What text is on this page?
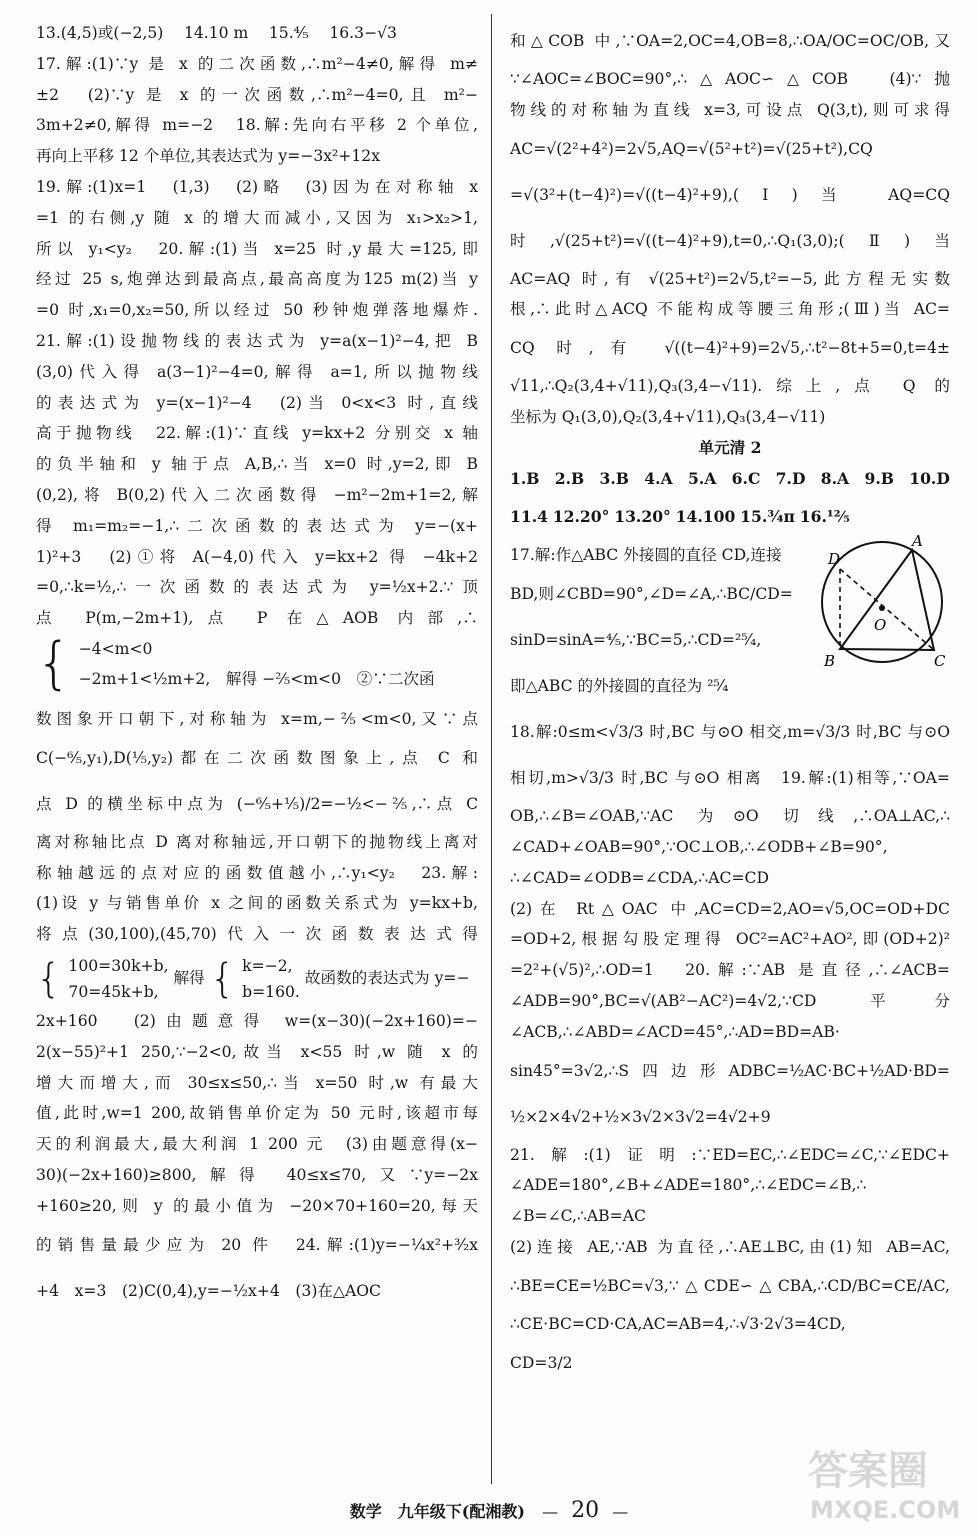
13.(4,5)或(−2,5)　 14.10 m　 15.⁴⁄₅　 16.3−√3
17.解:(1)∵y 是 x 的二次函数,∴m²−4≠0,解得 m≠
±2　(2)∵y 是 x 的一次函数,∴m²−4=0,且 m²−
3m+2≠0,解得 m=−2　18.解:先向右平移 2 个单位,
再向上平移 12 个单位,其表达式为 y=−3x²+12x
19.解:(1)x=1　(1,3)　(2)略　(3)因为在对称轴 x
=1 的右侧,y 随 x 的增大而减小,又因为 x₁>x₂>1,
所以 y₁<y₂　20.解:(1)当 x=25 时,y最大=125,即
经过 25 s,炮弹达到最高点,最高高度为125 m(2)当 y
=0 时,x₁=0,x₂=50,所以经过 50 秒钟炮弹落地爆炸.
21.解:(1)设抛物线的表达式为 y=a(x−1)²−4,把 B
(3,0)代入得 a(3−1)²−4=0,解得 a=1,所以抛物线
的表达式为 y=(x−1)²−4　(2)当 0<x<3 时,直线
高于抛物线　22.解:(1)∵直线 y=kx+2 分别交 x 轴
的负半轴和 y 轴于点 A,B,∴当 x=0 时,y=2,即 B
(0,2),将 B(0,2)代入二次函数得 −m²−2m+1=2,解
得 m₁=m₂=−1,∴二次函数的表达式为 y=−(x+
1)²+3　(2)①将 A(−4,0)代入 y=kx+2 得 −4k+2
=0,∴k=½,∴一次函数的表达式为 y=½x+2.∵顶
点 P(m,−2m+1),点 P 在△AOB 内部,∴
{ −4<m<0
−2m+1<½m+2,　解得 −⅖<m<0　②∵二次函
数图象开口朝下,对称轴为 x=m,−⅖<m<0,又∵点
C(−⁶⁄₅,y₁),D(⅕,y₂)都在二次函数图象上,点 C 和
点 D 的横坐标中点为 (−⁶⁄₅+⅕)/2=−½<−⅖,∴点 C
离对称轴比点 D 离对称轴远,开口朝下的抛物线上离对
称轴越远的点对应的函数值越小,∴y₁<y₂　23.解:
(1)设 y 与销售单价 x 之间的函数关系式为 y=kx+b,
将点(30,100),(45,70)代入一次函数表达式得
{ 100=30k+b,
70=45k+b,
解得 { k=−2,
b=160.
故函数的表达式为 y=−
2x+160　(2)由题意得 w=(x−30)(−2x+160)=−
2(x−55)²+1 250,∵−2<0,故当 x<55 时,w 随 x 的
增大而增大,而 30≤x≤50,∴当 x=50 时,w 有最大
值,此时,w=1 200,故销售单价定为 50 元时,该超市每
天的利润最大,最大利润 1 200 元　(3)由题意得(x−
30)(−2x+160)≥800,解得 40≤x≤70,又∵y=−2x
+160≥20,则 y 的最小值为 −20×70+160=20,每天
的销售量最少应为 20 件　24.解:(1)y=−¼x²+³⁄₂x
+4　x=3　(2)C(0,4),y=−½x+4　(3)在△AOC
和△COB 中,∵OA=2,OC=4,OB=8,∴OA/OC=OC/OB,又
∵∠AOC=∠BOC=90°,∴△AOC∽△COB　(4)∵抛
物线的对称轴为直线 x=3,可设点 Q(3,t),则可求得
AC=√(2²+4²)=2√5,AQ=√(5²+t²)=√(25+t²),CQ
=√(3²+(t−4)²)=√((t−4)²+9),(Ⅰ)当 AQ=CQ
时,√(25+t²)=√((t−4)²+9),t=0,∴Q₁(3,0);(Ⅱ)当
AC=AQ 时,有 √(25+t²)=2√5,t²=−5,此方程无实数
根,∴此时△ACQ 不能构成等腰三角形;(Ⅲ)当 AC=
CQ 时,有 √((t−4)²+9)=2√5,∴t²−8t+5=0,t=4±
√11,∴Q₂(3,4+√11),Q₃(3,4−√11).综上,点 Q 的
坐标为 Q₁(3,0),Q₂(3,4+√11),Q₃(3,4−√11)
单元清 2
1.B 2.B 3.B 4.A 5.A 6.C 7.D 8.A 9.B 10.D
11.4 12.20° 13.20° 14.100 15.¾π 16.¹²⁄₅
17.解:作△ABC 外接圆的直径 CD,连接
BD,则∠CBD=90°,∠D=∠A,∴BC/CD=
sinD=sinA=⁴⁄₅,∵BC=5,∴CD=²⁵⁄₄,
即△ABC 的外接圆的直径为 ²⁵⁄₄
18.解:0≤m<√3/3 时,BC 与⊙O 相交,m=√3/3 时,BC 与⊙O
相切,m>√3/3 时,BC 与⊙O 相离　19.解:(1)相等,∵OA=
OB,∴∠B=∠OAB,∵AC 为⊙O 切线,∴OA⊥AC,∴
∠CAD+∠OAB=90°,∵OC⊥OB,∴∠ODB+∠B=90°,
∴∠CAD=∠ODB=∠CDA,∴AC=CD
(2)在 Rt△OAC 中,AC=CD=2,AO=√5,OC=OD+DC
=OD+2,根据勾股定理得 OC²=AC²+AO²,即(OD+2)²
=2²+(√5)²,∴OD=1　20.解:∵AB 是直径,∴∠ACB=
∠ADB=90°,BC=√(AB²−AC²)=4√2,∵CD 平分
∠ACB,∴∠ABD=∠ACD=45°,∴AD=BD=AB·
sin45°=3√2,∴S四边形ADBC=½AC·BC+½AD·BD=
½×2×4√2+½×3√2×3√2=4√2+9
21.解:(1)证明:∵ED=EC,∴∠EDC=∠C,∵∠EDC+
∠ADE=180°,∠B+∠ADE=180°,∴∠EDC=∠B,∴
∠B=∠C,∴AB=AC
(2)连接 AE,∵AB 为直径,∴AE⊥BC,由(1)知 AB=AC,
∴BE=CE=½BC=√3,∵△CDE∽△CBA,∴CD/BC=CE/AC,
∴CE·BC=CD·CA,AC=AB=4,∴√3·2√3=4CD,
CD=3/2
D
A
O
B	C
数学　九年级下(配湘教) — 20 —
答案圈
MXQE.COM
